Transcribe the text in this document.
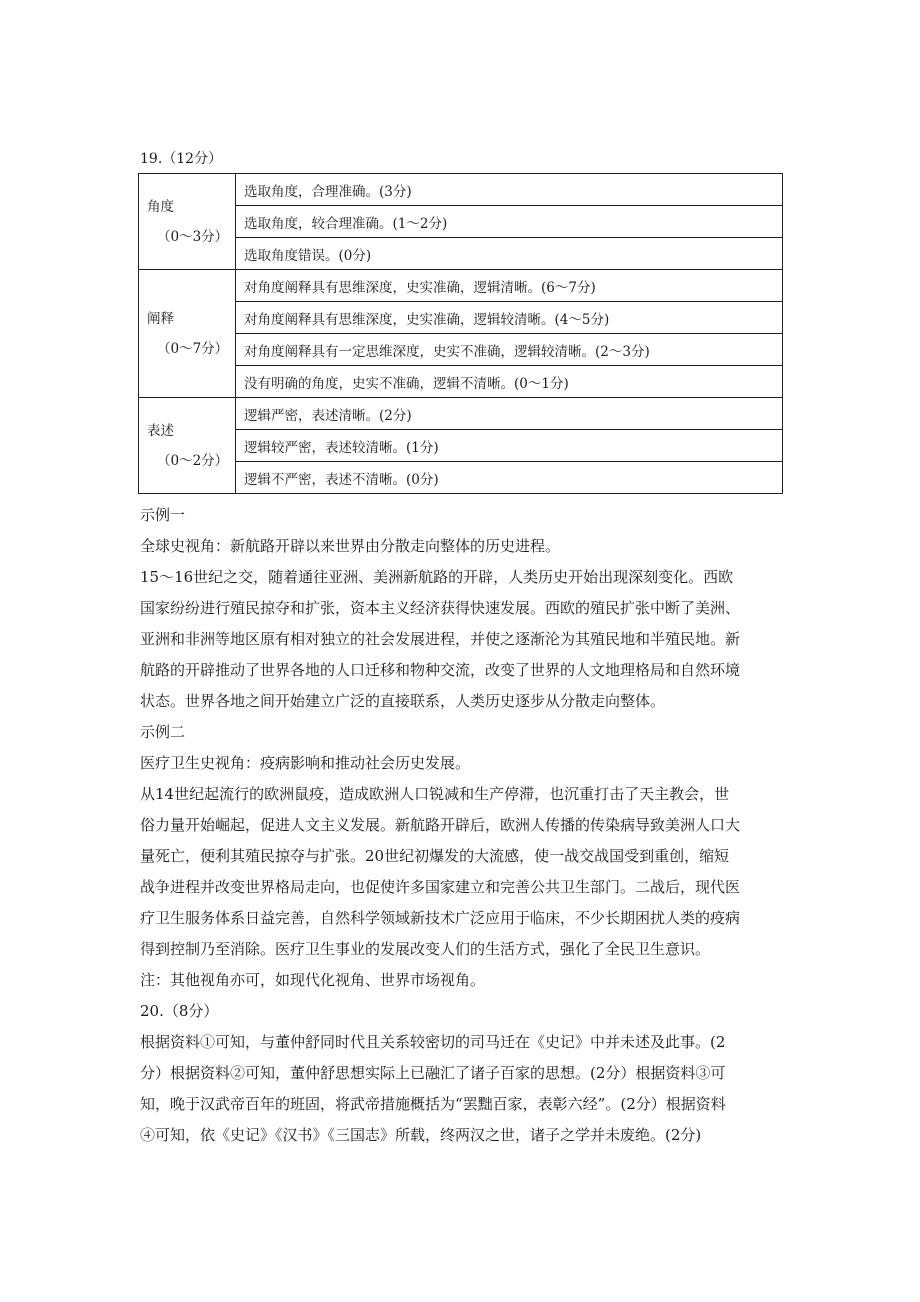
19.（12分）
角度
（0～3分）	选取角度，合理准确。(3分)
	选取角度，较合理准确。(1～2分)
	选取角度错误。(0分)

阐释
（0～7分）	对角度阐释具有思维深度，史实准确，逻辑清晰。(6～7分)
	对角度阐释具有思维深度，史实准确，逻辑较清晰。(4～5分)
	对角度阐释具有一定思维深度，史实不准确，逻辑较清晰。(2～3分)
	没有明确的角度，史实不准确，逻辑不清晰。(0～1分)

表述
（0～2分）	逻辑严密，表述清晰。(2分)
	逻辑较严密，表述较清晰。(1分)
	逻辑不严密，表述不清晰。(0分)

示例一

全球史视角：新航路开辟以来世界由分散走向整体的历史进程。

15～16世纪之交，随着通往亚洲、美洲新航路的开辟，人类历史开始出现深刻变化。西欧

国家纷纷进行殖民掠夺和扩张，资本主义经济获得快速发展。西欧的殖民扩张中断了美洲、

亚洲和非洲等地区原有相对独立的社会发展进程，并使之逐渐沦为其殖民地和半殖民地。新

航路的开辟推动了世界各地的人口迁移和物种交流，改变了世界的人文地理格局和自然环境

状态。世界各地之间开始建立广泛的直接联系，人类历史逐步从分散走向整体。

示例二

医疗卫生史视角：疫病影响和推动社会历史发展。

从14世纪起流行的欧洲鼠疫，造成欧洲人口锐减和生产停滞，也沉重打击了天主教会，世

俗力量开始崛起，促进人文主义发展。新航路开辟后，欧洲人传播的传染病导致美洲人口大

量死亡，便利其殖民掠夺与扩张。20世纪初爆发的大流感，使一战交战国受到重创，缩短

战争进程并改变世界格局走向，也促使许多国家建立和完善公共卫生部门。二战后，现代医

疗卫生服务体系日益完善，自然科学领域新技术广泛应用于临床，不少长期困扰人类的疫病

得到控制乃至消除。医疗卫生事业的发展改变人们的生活方式，强化了全民卫生意识。

注：其他视角亦可，如现代化视角、世界市场视角。

20.（8分）

根据资料①可知，与董仲舒同时代且关系较密切的司马迁在《史记》中并未述及此事。(2

分）根据资料②可知，董仲舒思想实际上已融汇了诸子百家的思想。(2分）根据资料③可

知，晚于汉武帝百年的班固，将武帝措施概括为“罢黜百家，表彰六经”。(2分）根据资料

④可知，依《史记》《汉书》《三国志》所载，终两汉之世，诸子之学并未废绝。(2分)
